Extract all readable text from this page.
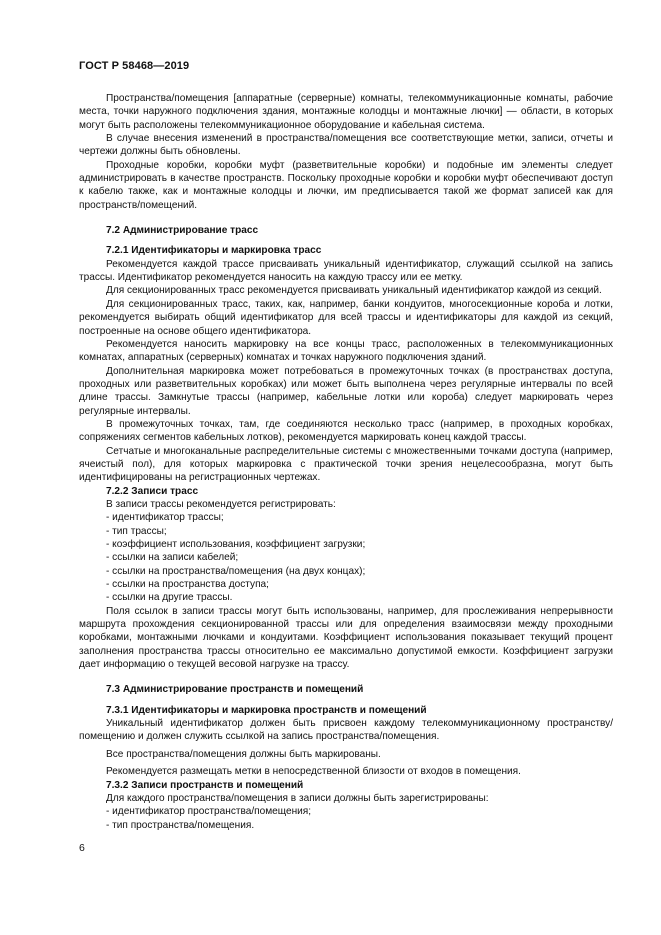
ГОСТ Р 58468—2019

Пространства/помещения [аппаратные (серверные) комнаты, телекоммуникационные комнаты, рабочие места, точки наружного подключения здания, монтажные колодцы и монтажные лючки] — области, в которых могут быть расположены телекоммуникационное оборудование и кабельная система.

В случае внесения изменений в пространства/помещения все соответствующие метки, записи, отчеты и чертежи должны быть обновлены.

Проходные коробки, коробки муфт (разветвительные коробки) и подобные им элементы следует администрировать в качестве пространств. Поскольку проходные коробки и коробки муфт обеспечивают доступ к кабелю также, как и монтажные колодцы и лючки, им предписывается такой же формат записей как для пространств/помещений.

7.2 Администрирование трасс

7.2.1 Идентификаторы и маркировка трасс

Рекомендуется каждой трассе присваивать уникальный идентификатор, служащий ссылкой на запись трассы. Идентификатор рекомендуется наносить на каждую трассу или ее метку.

Для секционированных трасс рекомендуется присваивать уникальный идентификатор каждой из секций.

Для секционированных трасс, таких, как, например, банки кондуитов, многосекционные короба и лотки, рекомендуется выбирать общий идентификатор для всей трассы и идентификаторы для каждой из секций, построенные на основе общего идентификатора.

Рекомендуется наносить маркировку на все концы трасс, расположенных в телекоммуникационных комнатах, аппаратных (серверных) комнатах и точках наружного подключения зданий.

Дополнительная маркировка может потребоваться в промежуточных точках (в пространствах доступа, проходных или разветвительных коробках) или может быть выполнена через регулярные интервалы по всей длине трассы. Замкнутые трассы (например, кабельные лотки или короба) следует маркировать через регулярные интервалы.

В промежуточных точках, там, где соединяются несколько трасс (например, в проходных коробках, сопряжениях сегментов кабельных лотков), рекомендуется маркировать конец каждой трассы.

Сетчатые и многоканальные распределительные системы с множественными точками доступа (например, ячеистый пол), для которых маркировка с практической точки зрения нецелесообразна, могут быть идентифицированы на регистрационных чертежах.

7.2.2 Записи трасс

В записи трассы рекомендуется регистрировать:

- идентификатор трассы;
- тип трассы;
- коэффициент использования, коэффициент загрузки;
- ссылки на записи кабелей;
- ссылки на пространства/помещения (на двух концах);
- ссылки на пространства доступа;
- ссылки на другие трассы.

Поля ссылок в записи трассы могут быть использованы, например, для прослеживания непрерывности маршрута прохождения секционированной трассы или для определения взаимосвязи между проходными коробками, монтажными лючками и кондуитами. Коэффициент использования показывает текущий процент заполнения пространства трассы относительно ее максимально допустимой емкости. Коэффициент загрузки дает информацию о текущей весовой нагрузке на трассу.

7.3 Администрирование пространств и помещений

7.3.1 Идентификаторы и маркировка пространств и помещений

Уникальный идентификатор должен быть присвоен каждому телекоммуникационному пространству/помещению и должен служить ссылкой на запись пространства/помещения.

Все пространства/помещения должны быть маркированы.

Рекомендуется размещать метки в непосредственной близости от входов в помещения.

7.3.2 Записи пространств и помещений

Для каждого пространства/помещения в записи должны быть зарегистрированы:

- идентификатор пространства/помещения;
- тип пространства/помещения.
6
